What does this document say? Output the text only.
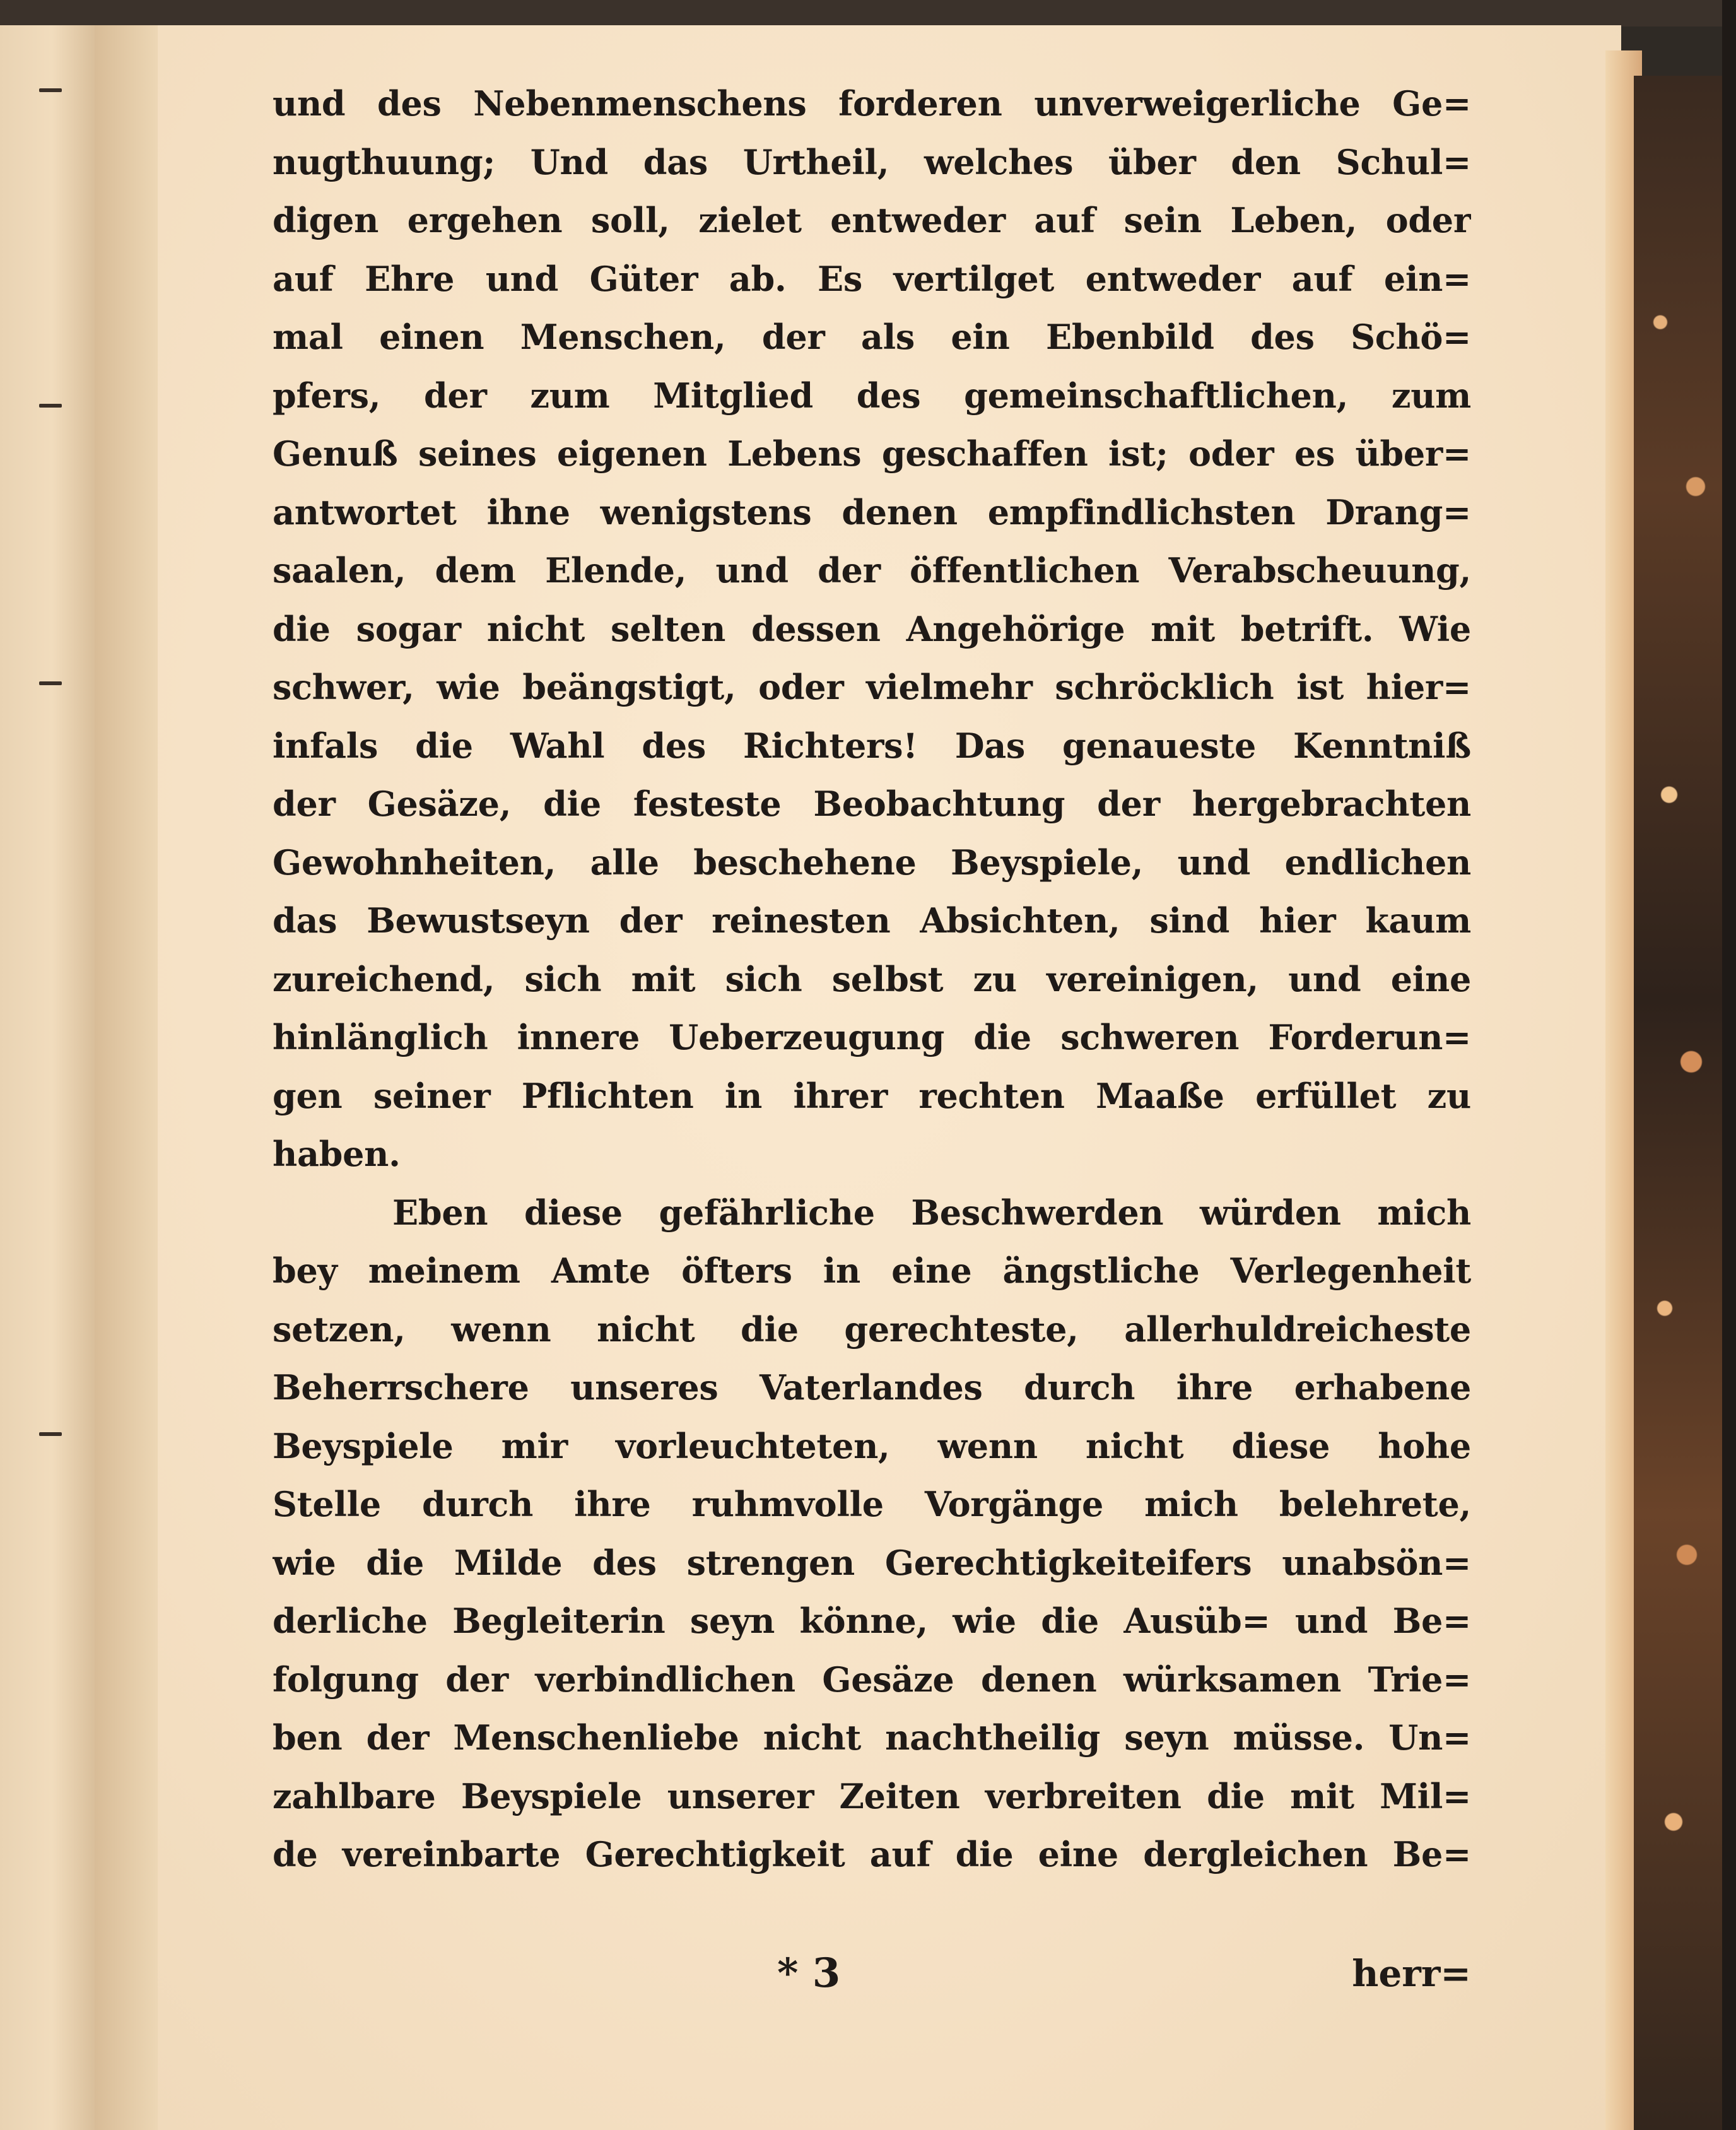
und des Nebenmenschens forderen unverweigerliche Ge=
nugthuung; Und das Urtheil, welches über den Schul=
digen ergehen soll, zielet entweder auf sein Leben, oder
auf Ehre und Güter ab. Es vertilget entweder auf ein=
mal einen Menschen, der als ein Ebenbild des Schö=
pfers, der zum Mitglied des gemeinschaftlichen, zum
Genuß seines eigenen Lebens geschaffen ist; oder es über=
antwortet ihne wenigstens denen empfindlichsten Drang=
saalen, dem Elende, und der öffentlichen Verabscheuung,
die sogar nicht selten dessen Angehörige mit betrift. Wie
schwer, wie beängstigt, oder vielmehr schröcklich ist hier=
infals die Wahl des Richters! Das genaueste Kenntniß
der Gesäze, die festeste Beobachtung der hergebrachten
Gewohnheiten, alle beschehene Beyspiele, und endlichen
das Bewustseyn der reinesten Absichten, sind hier kaum
zureichend, sich mit sich selbst zu vereinigen, und eine
hinlänglich innere Ueberzeugung die schweren Forderun=
gen seiner Pflichten in ihrer rechten Maaße erfüllet zu
haben.
Eben diese gefährliche Beschwerden würden mich
bey meinem Amte öfters in eine ängstliche Verlegenheit
setzen, wenn nicht die gerechteste, allerhuldreicheste
Beherrschere unseres Vaterlandes durch ihre erhabene
Beyspiele mir vorleuchteten, wenn nicht diese hohe
Stelle durch ihre ruhmvolle Vorgänge mich belehrete,
wie die Milde des strengen Gerechtigkeiteifers unabsön=
derliche Begleiterin seyn könne, wie die Ausüb= und Be=
folgung der verbindlichen Gesäze denen würksamen Trie=
ben der Menschenliebe nicht nachtheilig seyn müsse. Un=
zahlbare Beyspiele unserer Zeiten verbreiten die mit Mil=
de vereinbarte Gerechtigkeit auf die eine dergleichen Be=
* 3	herr=
